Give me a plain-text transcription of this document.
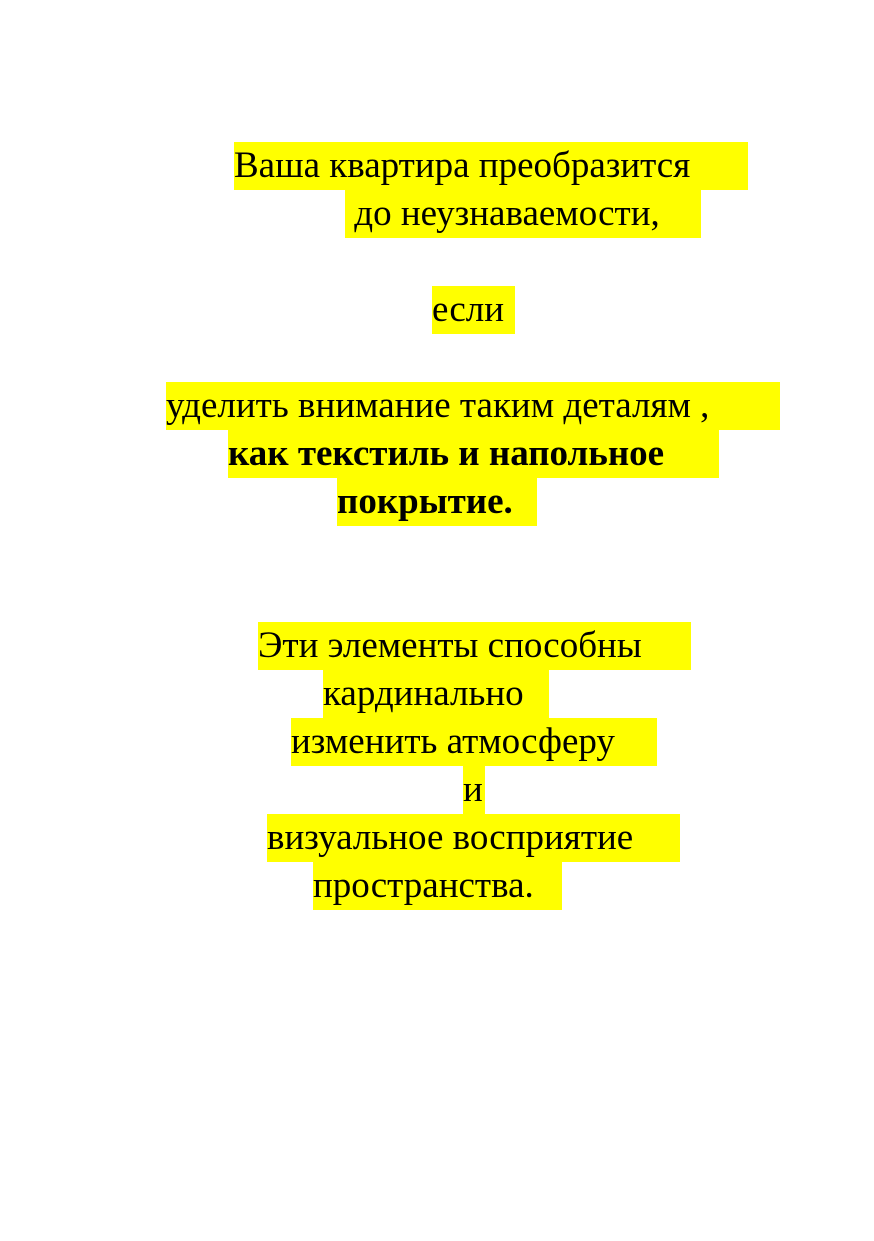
Ваша квартира преобразится
до неузнаваемости,
если
уделить внимание таким деталям ,
как текстиль и напольное
покрытие.
Эти элементы способны
кардинально
изменить атмосферу
и
визуальное восприятие
пространства.
